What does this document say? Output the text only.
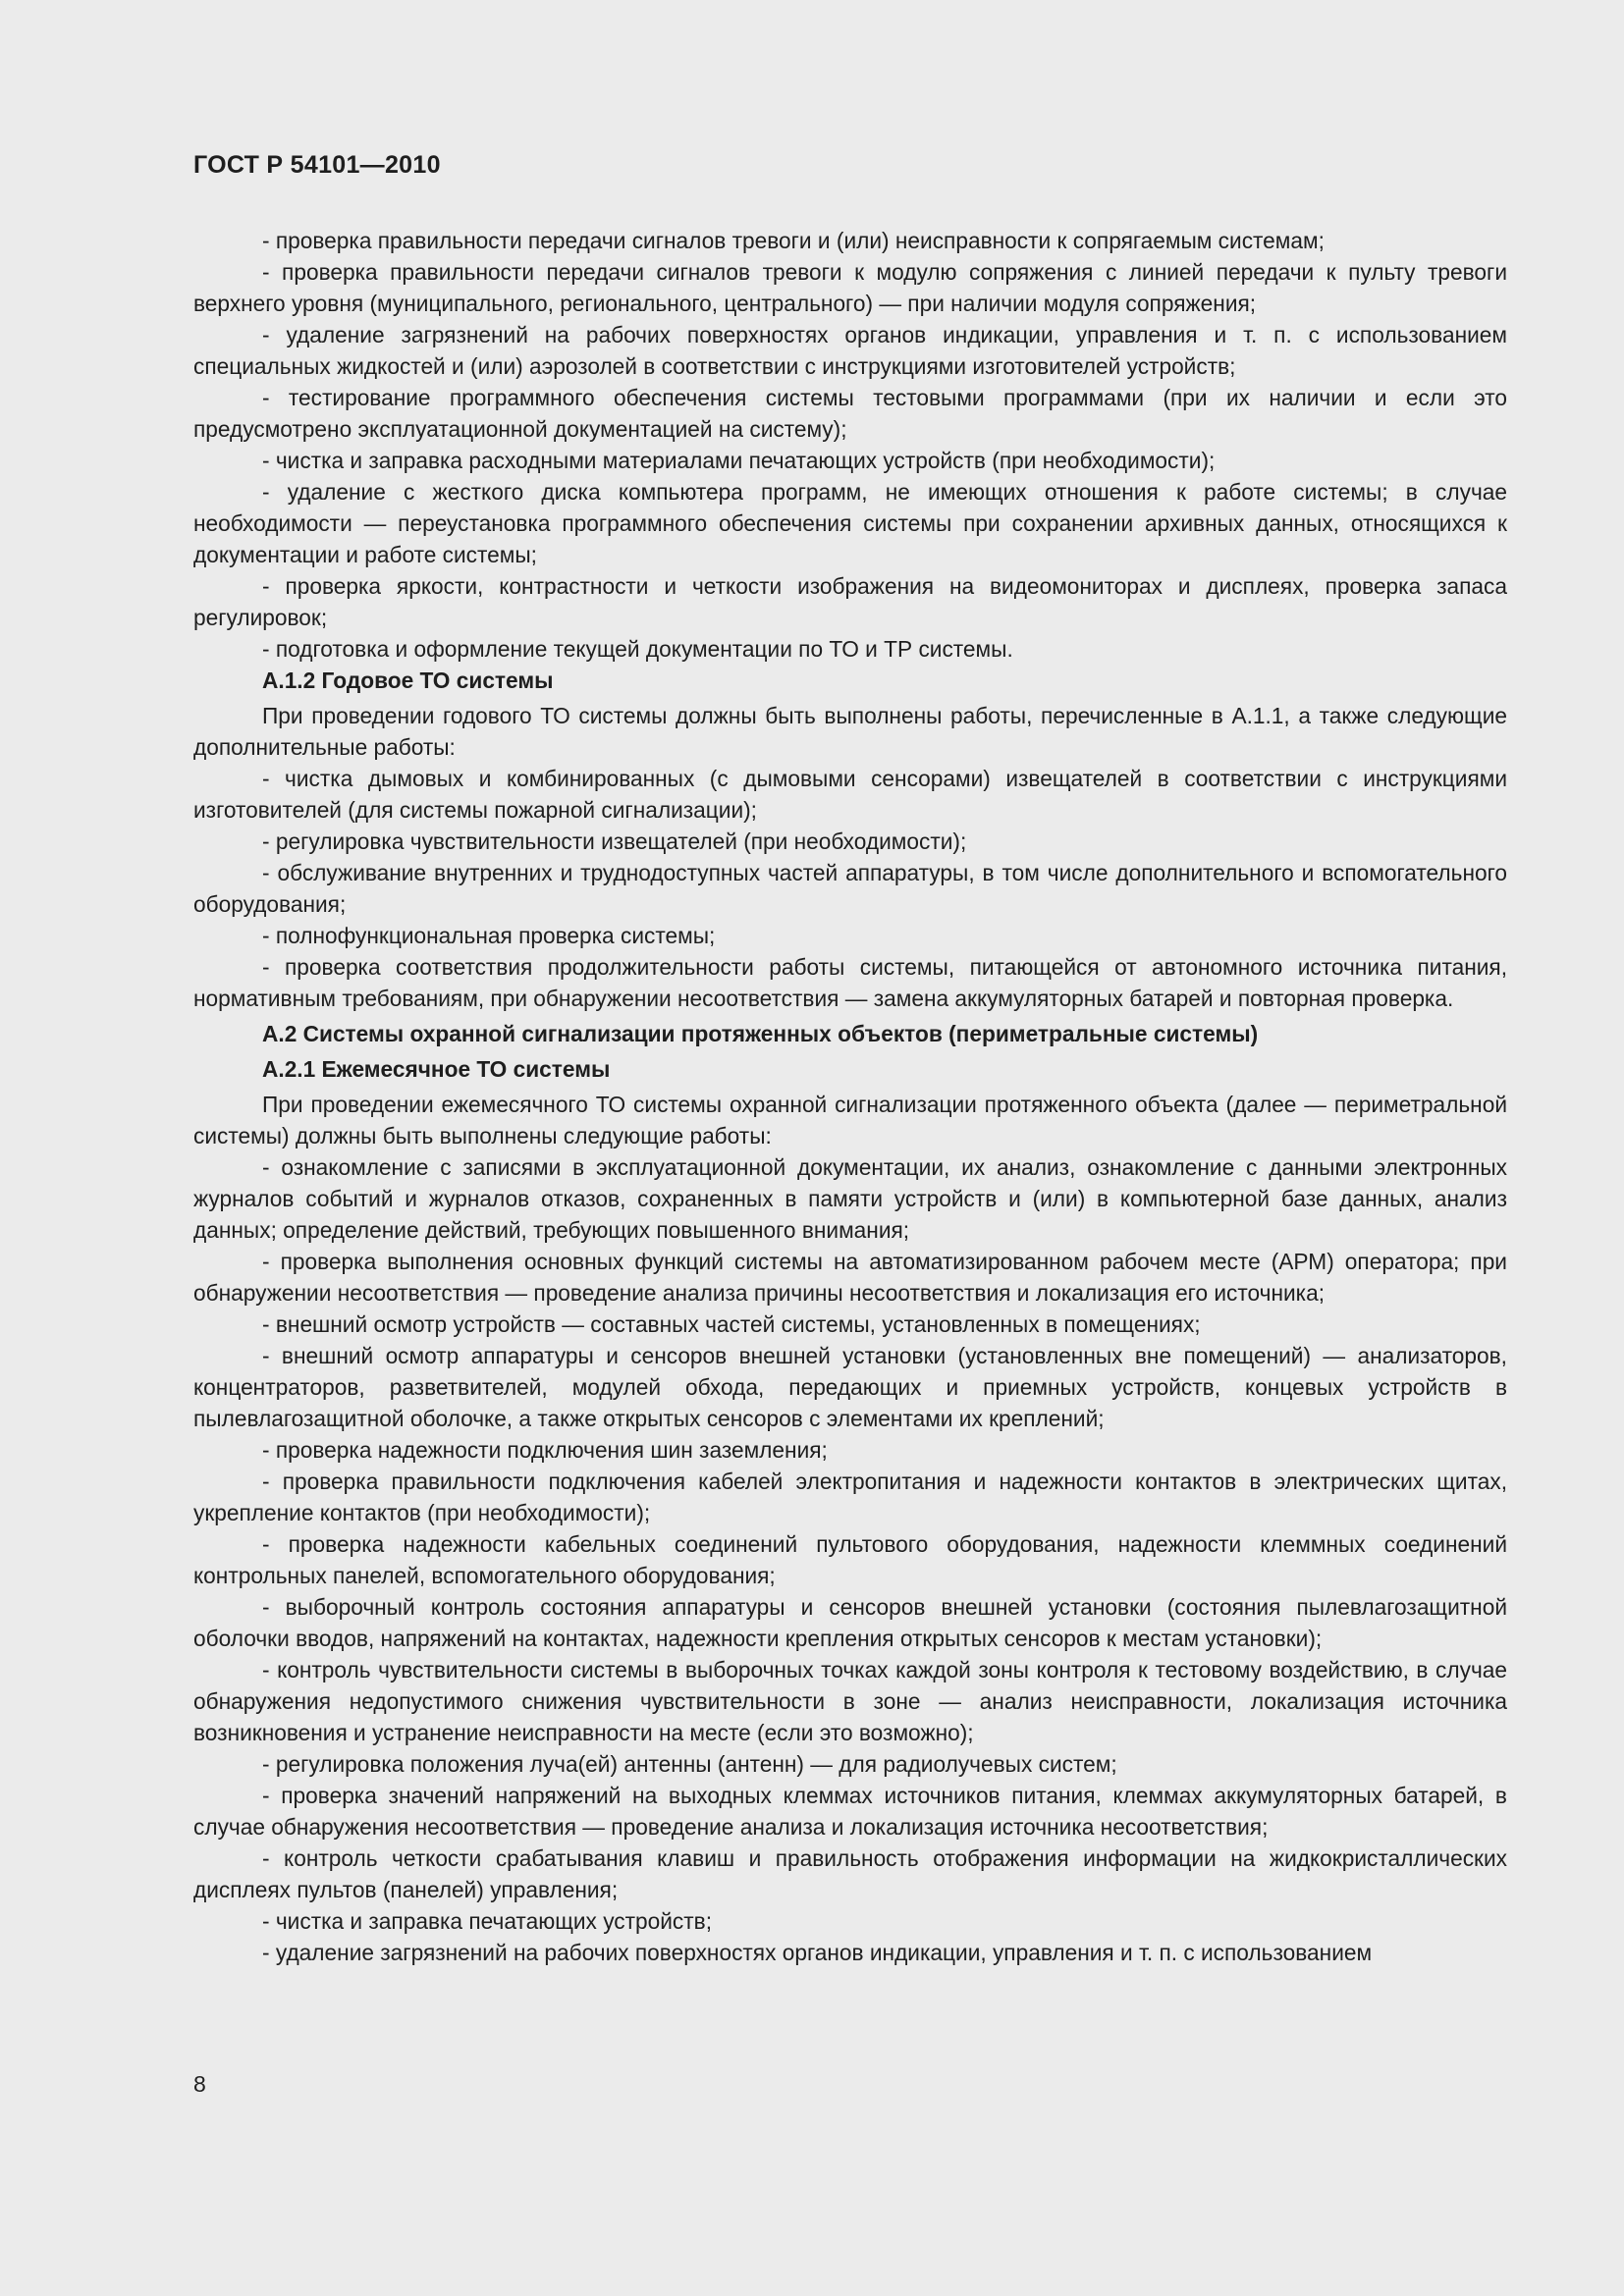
ГОСТ Р 54101—2010

- проверка правильности передачи сигналов тревоги и (или) неисправности к сопрягаемым системам;

- проверка правильности передачи сигналов тревоги к модулю сопряжения с линией передачи к пульту тревоги верхнего уровня (муниципального, регионального, центрального) — при наличии модуля сопряжения;

- удаление загрязнений на рабочих поверхностях органов индикации, управления и т. п. с использованием специальных жидкостей и (или) аэрозолей в соответствии с инструкциями изготовителей устройств;

- тестирование программного обеспечения системы тестовыми программами (при их наличии и если это предусмотрено эксплуатационной документацией на систему);

- чистка и заправка расходными материалами печатающих устройств (при необходимости);

- удаление с жесткого диска компьютера программ, не имеющих отношения к работе системы; в случае необходимости — переустановка программного обеспечения системы при сохранении архивных данных, относящихся к документации и работе системы;

- проверка яркости, контрастности и четкости изображения на видеомониторах и дисплеях, проверка запаса регулировок;

- подготовка и оформление текущей документации по ТО и ТР системы.

А.1.2 Годовое ТО системы

При проведении годового ТО системы должны быть выполнены работы, перечисленные в А.1.1, а также следующие дополнительные работы:

- чистка дымовых и комбинированных (с дымовыми сенсорами) извещателей в соответствии с инструкциями изготовителей (для системы пожарной сигнализации);

- регулировка чувствительности извещателей (при необходимости);

- обслуживание внутренних и труднодоступных частей аппаратуры, в том числе дополнительного и вспомогательного оборудования;

- полнофункциональная проверка системы;

- проверка соответствия продолжительности работы системы, питающейся от автономного источника питания, нормативным требованиям, при обнаружении несоответствия — замена аккумуляторных батарей и повторная проверка.

А.2 Системы охранной сигнализации протяженных объектов (периметральные системы)

А.2.1 Ежемесячное ТО системы

При проведении ежемесячного ТО системы охранной сигнализации протяженного объекта (далее — периметральной системы) должны быть выполнены следующие работы:

- ознакомление с записями в эксплуатационной документации, их анализ, ознакомление с данными электронных журналов событий и журналов отказов, сохраненных в памяти устройств и (или) в компьютерной базе данных, анализ данных; определение действий, требующих повышенного внимания;

- проверка выполнения основных функций системы на автоматизированном рабочем месте (АРМ) оператора; при обнаружении несоответствия — проведение анализа причины несоответствия и локализация его источника;

- внешний осмотр устройств — составных частей системы, установленных в помещениях;

- внешний осмотр аппаратуры и сенсоров внешней установки (установленных вне помещений) — анализаторов, концентраторов, разветвителей, модулей обхода, передающих и приемных устройств, концевых устройств в пылевлагозащитной оболочке, а также открытых сенсоров с элементами их креплений;

- проверка надежности подключения шин заземления;

- проверка правильности подключения кабелей электропитания и надежности контактов в электрических щитах, укрепление контактов (при необходимости);

- проверка надежности кабельных соединений пультового оборудования, надежности клеммных соединений контрольных панелей, вспомогательного оборудования;

- выборочный контроль состояния аппаратуры и сенсоров внешней установки (состояния пылевлагозащитной оболочки вводов, напряжений на контактах, надежности крепления открытых сенсоров к местам установки);

- контроль чувствительности системы в выборочных точках каждой зоны контроля к тестовому воздействию, в случае обнаружения недопустимого снижения чувствительности в зоне — анализ неисправности, локализация источника возникновения и устранение неисправности на месте (если это возможно);

- регулировка положения луча(ей) антенны (антенн) — для радиолучевых систем;

- проверка значений напряжений на выходных клеммах источников питания, клеммах аккумуляторных батарей, в случае обнаружения несоответствия — проведение анализа и локализация источника несоответствия;

- контроль четкости срабатывания клавиш и правильность отображения информации на жидкокристаллических дисплеях пультов (панелей) управления;

- чистка и заправка печатающих устройств;

- удаление загрязнений на рабочих поверхностях органов индикации, управления и т. п. с использованием

8
